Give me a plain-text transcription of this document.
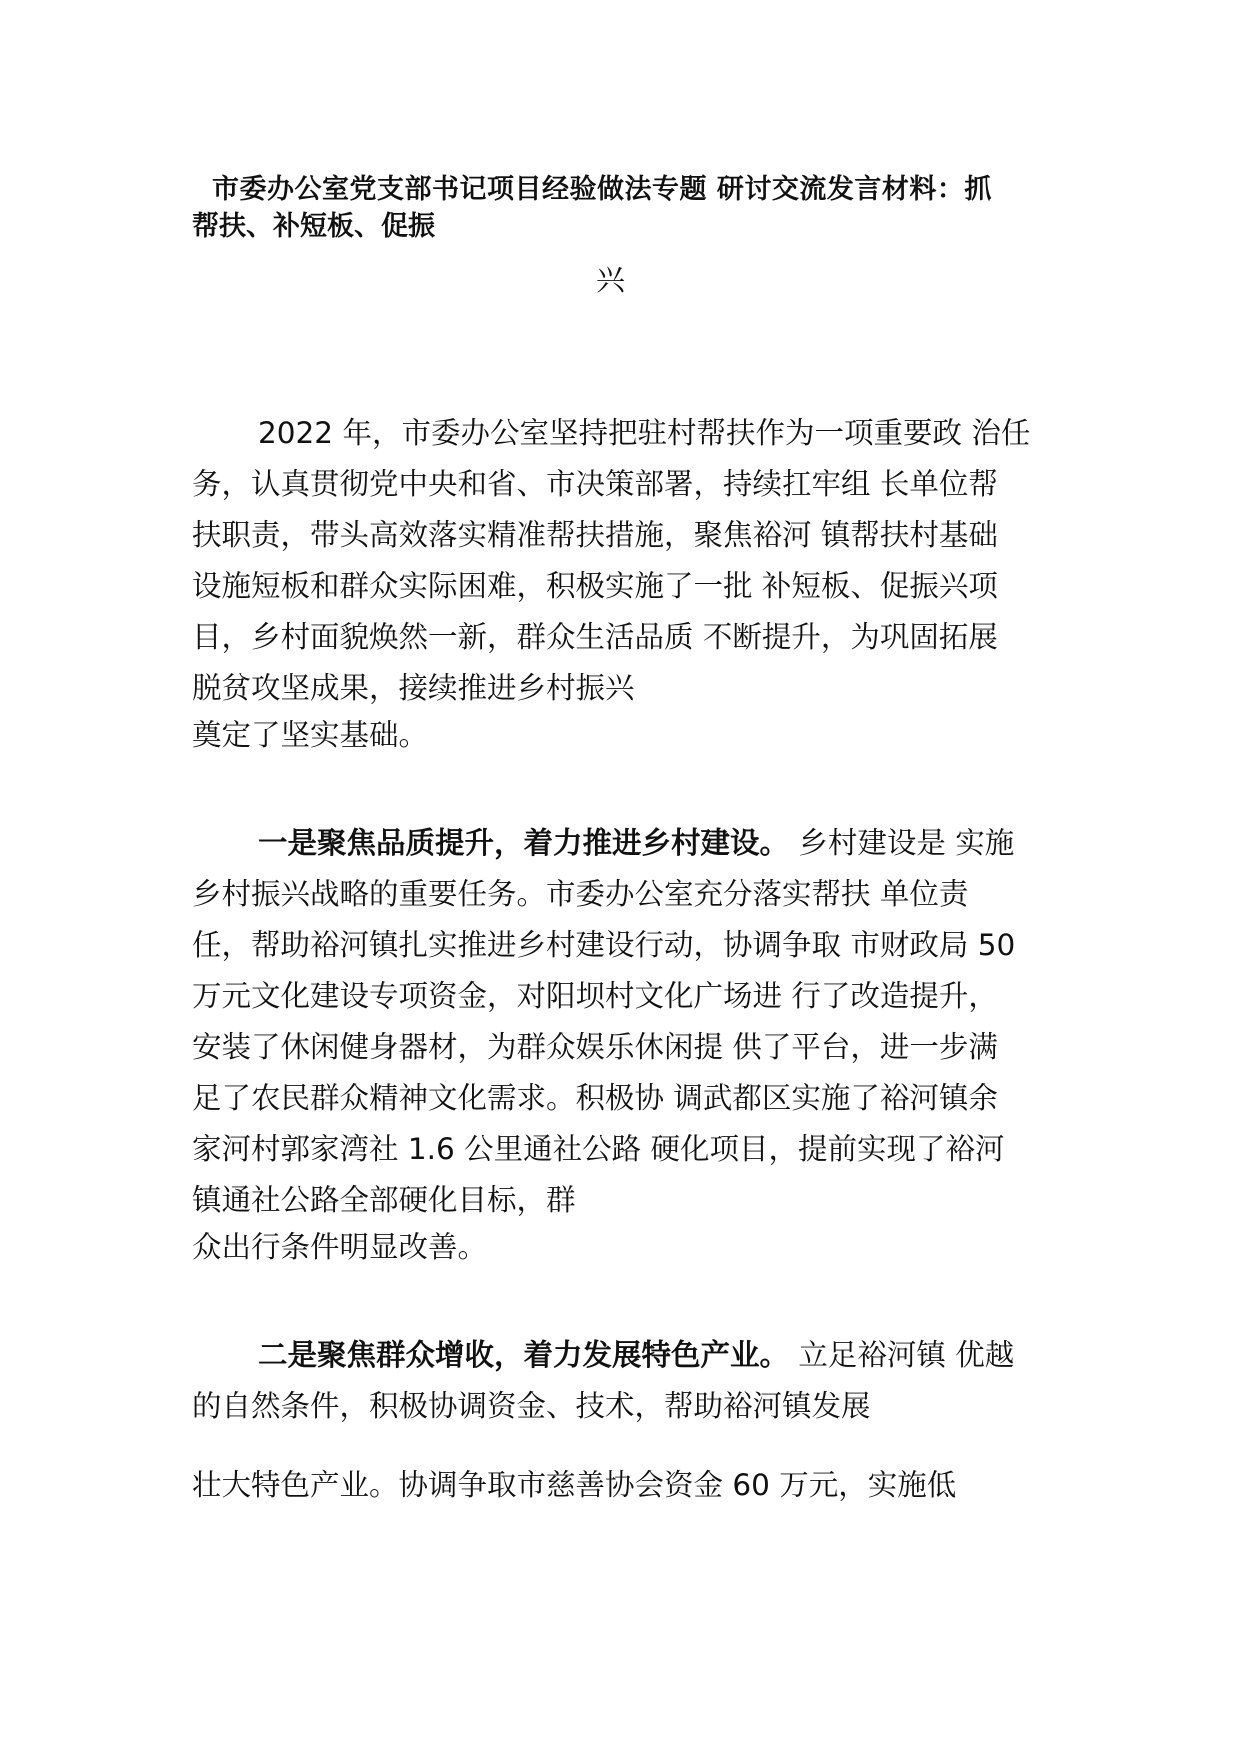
市委办公室党支部书记项目经验做法专题 研讨交流发言材料：抓
帮扶、补短板、促振
兴
2022 年，市委办公室坚持把驻村帮扶作为一项重要政 治任
务，认真贯彻党中央和省、市决策部署，持续扛牢组 长单位帮
扶职责，带头高效落实精准帮扶措施，聚焦裕河 镇帮扶村基础
设施短板和群众实际困难，积极实施了一批 补短板、促振兴项
目，乡村面貌焕然一新，群众生活品质 不断提升，为巩固拓展
脱贫攻坚成果，接续推进乡村振兴
奠定了坚实基础。
一是聚焦品质提升，着力推进乡村建设。 乡村建设是 实施
乡村振兴战略的重要任务。市委办公室充分落实帮扶 单位责
任，帮助裕河镇扎实推进乡村建设行动，协调争取 市财政局 50
万元文化建设专项资金，对阳坝村文化广场进 行了改造提升，
安装了休闲健身器材，为群众娱乐休闲提 供了平台，进一步满
足了农民群众精神文化需求。积极协 调武都区实施了裕河镇余
家河村郭家湾社 1.6 公里通社公路 硬化项目，提前实现了裕河
镇通社公路全部硬化目标，群
众出行条件明显改善。
二是聚焦群众增收，着力发展特色产业。 立足裕河镇 优越
的自然条件，积极协调资金、技术，帮助裕河镇发展
壮大特色产业。协调争取市慈善协会资金 60 万元，实施低
